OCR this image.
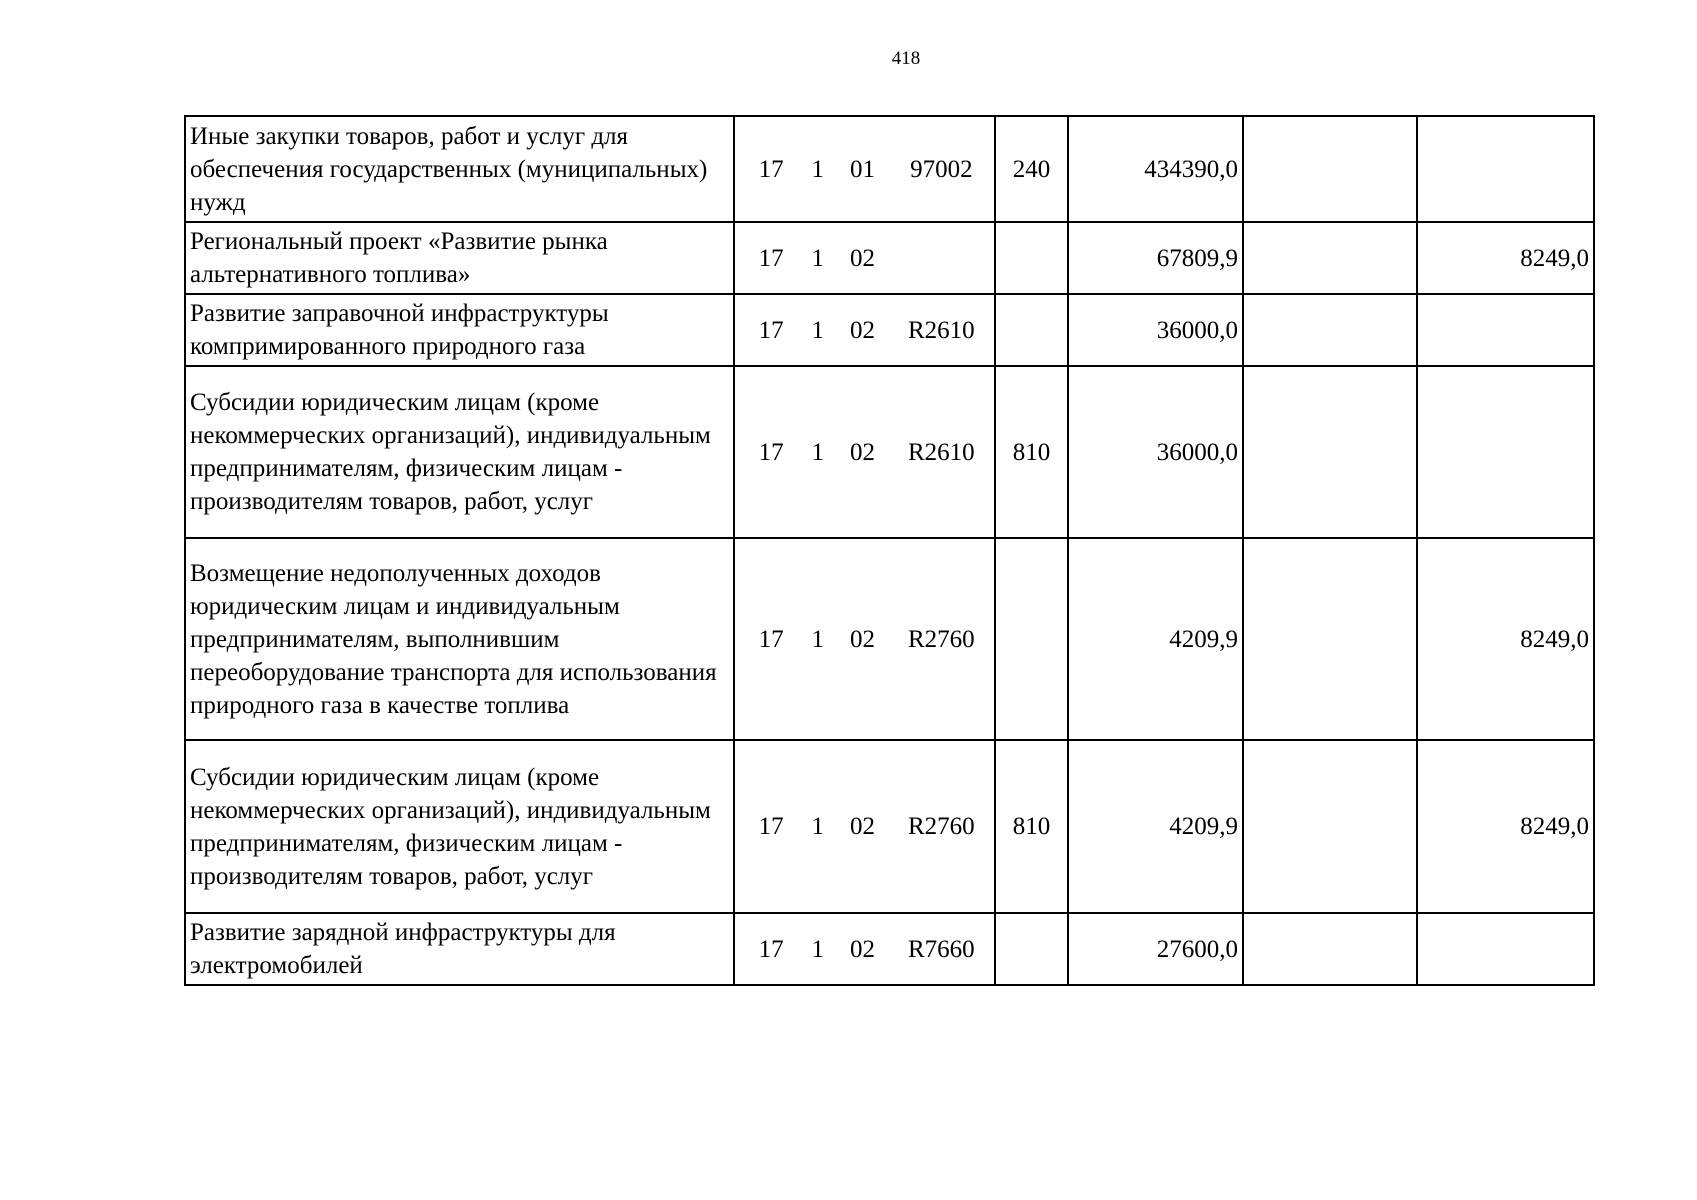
418
Иные закупки товаров, работ и услуг для обеспечения государственных (муниципальных) нужд	17 1 01 97002	240	434390,0		
Региональный проект «Развитие рынка альтернативного топлива»	17 1 02		67809,9		8249,0
Развитие заправочной инфраструктуры компримированного природного газа	17 1 02 R2610		36000,0		
Субсидии юридическим лицам (кроме некоммерческих организаций), индивидуальным предпринимателям, физическим лицам - производителям товаров, работ, услуг	17 1 02 R2610	810	36000,0		
Возмещение недополученных доходов юридическим лицам и индивидуальным предпринимателям, выполнившим переоборудование транспорта для использования природного газа в качестве топлива	17 1 02 R2760		4209,9		8249,0
Субсидии юридическим лицам (кроме некоммерческих организаций), индивидуальным предпринимателям, физическим лицам - производителям товаров, работ, услуг	17 1 02 R2760	810	4209,9		8249,0
Развитие зарядной инфраструктуры для электромобилей	17 1 02 R7660		27600,0		
